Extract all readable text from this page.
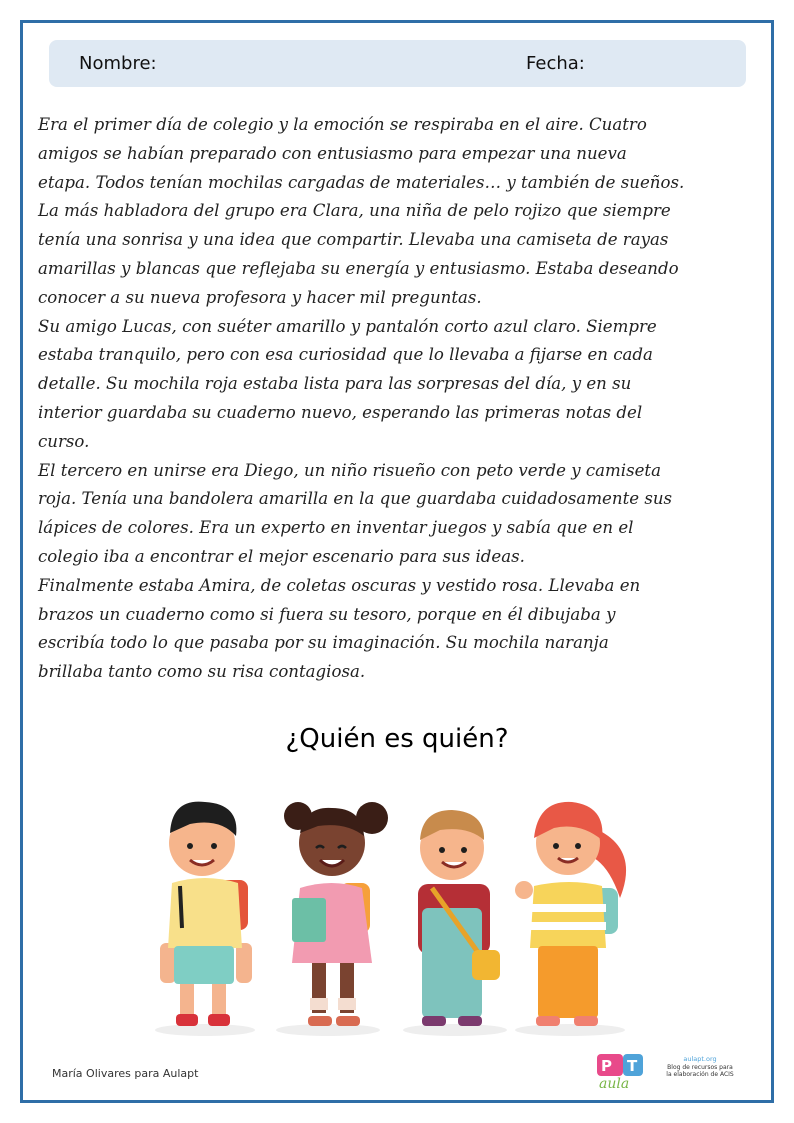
Nombre:	Fecha:

Era el primer día de colegio y la emoción se respiraba en el aire. Cuatro

amigos se habían preparado con entusiasmo para empezar una nueva

etapa. Todos tenían mochilas cargadas de materiales… y también de sueños.

La más habladora del grupo era Clara, una niña de pelo rojizo que siempre

tenía una sonrisa y una idea que compartir. Llevaba una camiseta de rayas

amarillas y blancas que reflejaba su energía y entusiasmo. Estaba deseando

conocer a su nueva profesora y hacer mil preguntas.

Su amigo Lucas, con suéter amarillo y pantalón corto azul claro. Siempre

estaba tranquilo, pero con esa curiosidad que lo llevaba a fijarse en cada

detalle. Su mochila roja estaba lista para las sorpresas del día, y en su

interior guardaba su cuaderno nuevo, esperando las primeras notas del

curso.

El tercero en unirse era Diego, un niño risueño con peto verde y camiseta

roja. Tenía una bandolera amarilla en la que guardaba cuidadosamente sus

lápices de colores. Era un experto en inventar juegos y sabía que en el

colegio iba a encontrar el mejor escenario para sus ideas.

Finalmente estaba Amira, de coletas oscuras y vestido rosa. Llevaba en

brazos un cuaderno como si fuera su tesoro, porque en él dibujaba y

escribía todo lo que pasaba por su imaginación. Su mochila naranja

brillaba tanto como su risa contagiosa.

¿Quién es quién?
María Olivares para Aulapt	P T
aula
aulapt.org
Blog de recursos para la elaboración de ACIS
